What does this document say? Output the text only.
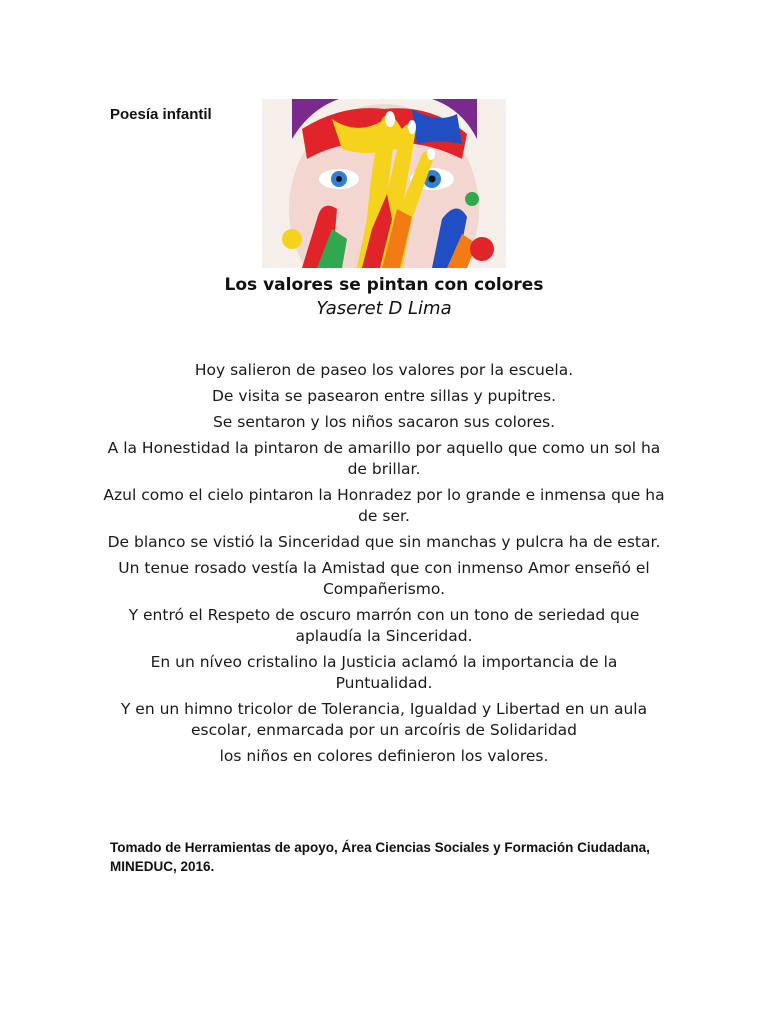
Poesía infantil
Los valores se pintan con colores

Yaseret D Lima

Hoy salieron de paseo los valores por la escuela.
De visita se pasearon entre sillas y pupitres.
Se sentaron y los niños sacaron sus colores.
A la Honestidad la pintaron de amarillo por aquello que como un sol ha de brillar.
Azul como el cielo pintaron la Honradez por lo grande e inmensa que ha de ser.
De blanco se vistió la Sinceridad que sin manchas y pulcra ha de estar.
Un tenue rosado vestía la Amistad que con inmenso Amor enseñó el Compañerismo.
Y entró el Respeto de oscuro marrón con un tono de seriedad que aplaudía la Sinceridad.
En un níveo cristalino la Justicia aclamó la importancia de la Puntualidad.
Y en un himno tricolor de Tolerancia, Igualdad y Libertad en un aula escolar, enmarcada por un arcoíris de Solidaridad
los niños en colores definieron los valores.

Tomado de Herramientas de apoyo, Área Ciencias Sociales y Formación Ciudadana, MINEDUC, 2016.
